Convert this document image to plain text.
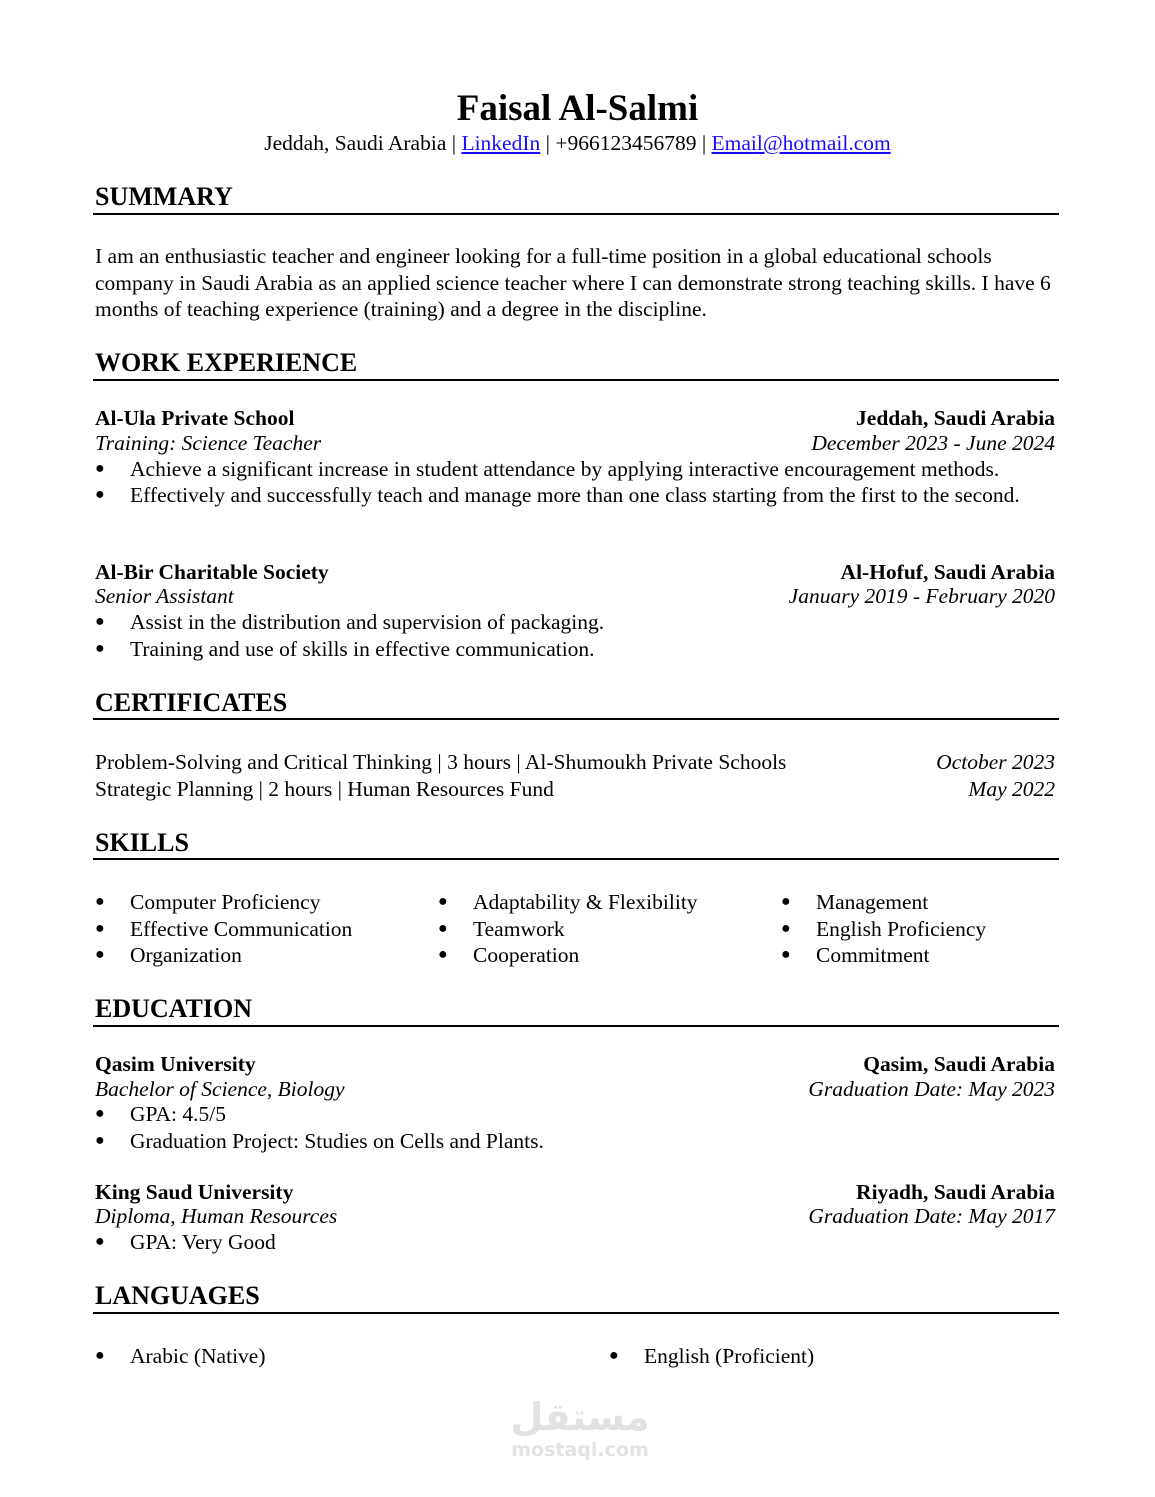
Faisal Al-Salmi
Jeddah, Saudi Arabia | LinkedIn | +966123456789 | Email@hotmail.com
SUMMARY
I am an enthusiastic teacher and engineer looking for a full-time position in a global educational schools company in Saudi Arabia as an applied science teacher where I can demonstrate strong teaching skills. I have 6 months of teaching experience (training) and a degree in the discipline.
WORK EXPERIENCE
Al-Ula Private School	Jeddah, Saudi Arabia
Training: Science Teacher	December 2023 - June 2024
● Achieve a significant increase in student attendance by applying interactive encouragement methods.
● Effectively and successfully teach and manage more than one class starting from the first to the second.
Al-Bir Charitable Society	Al-Hofuf, Saudi Arabia
Senior Assistant	January 2019 - February 2020
● Assist in the distribution and supervision of packaging.
● Training and use of skills in effective communication.
CERTIFICATES
Problem-Solving and Critical Thinking | 3 hours | Al-Shumoukh Private Schools	October 2023
Strategic Planning | 2 hours | Human Resources Fund	May 2022
SKILLS
● Computer Proficiency
● Effective Communication
● Organization
● Adaptability & Flexibility
● Teamwork
● Cooperation
● Management
● English Proficiency
● Commitment
EDUCATION
Qasim University	Qasim, Saudi Arabia
Bachelor of Science, Biology	Graduation Date: May 2023
● GPA: 4.5/5
● Graduation Project: Studies on Cells and Plants.
King Saud University	Riyadh, Saudi Arabia
Diploma, Human Resources	Graduation Date: May 2017
● GPA: Very Good
LANGUAGES
● Arabic (Native)	● English (Proficient)
مستقل
mostaql.com
